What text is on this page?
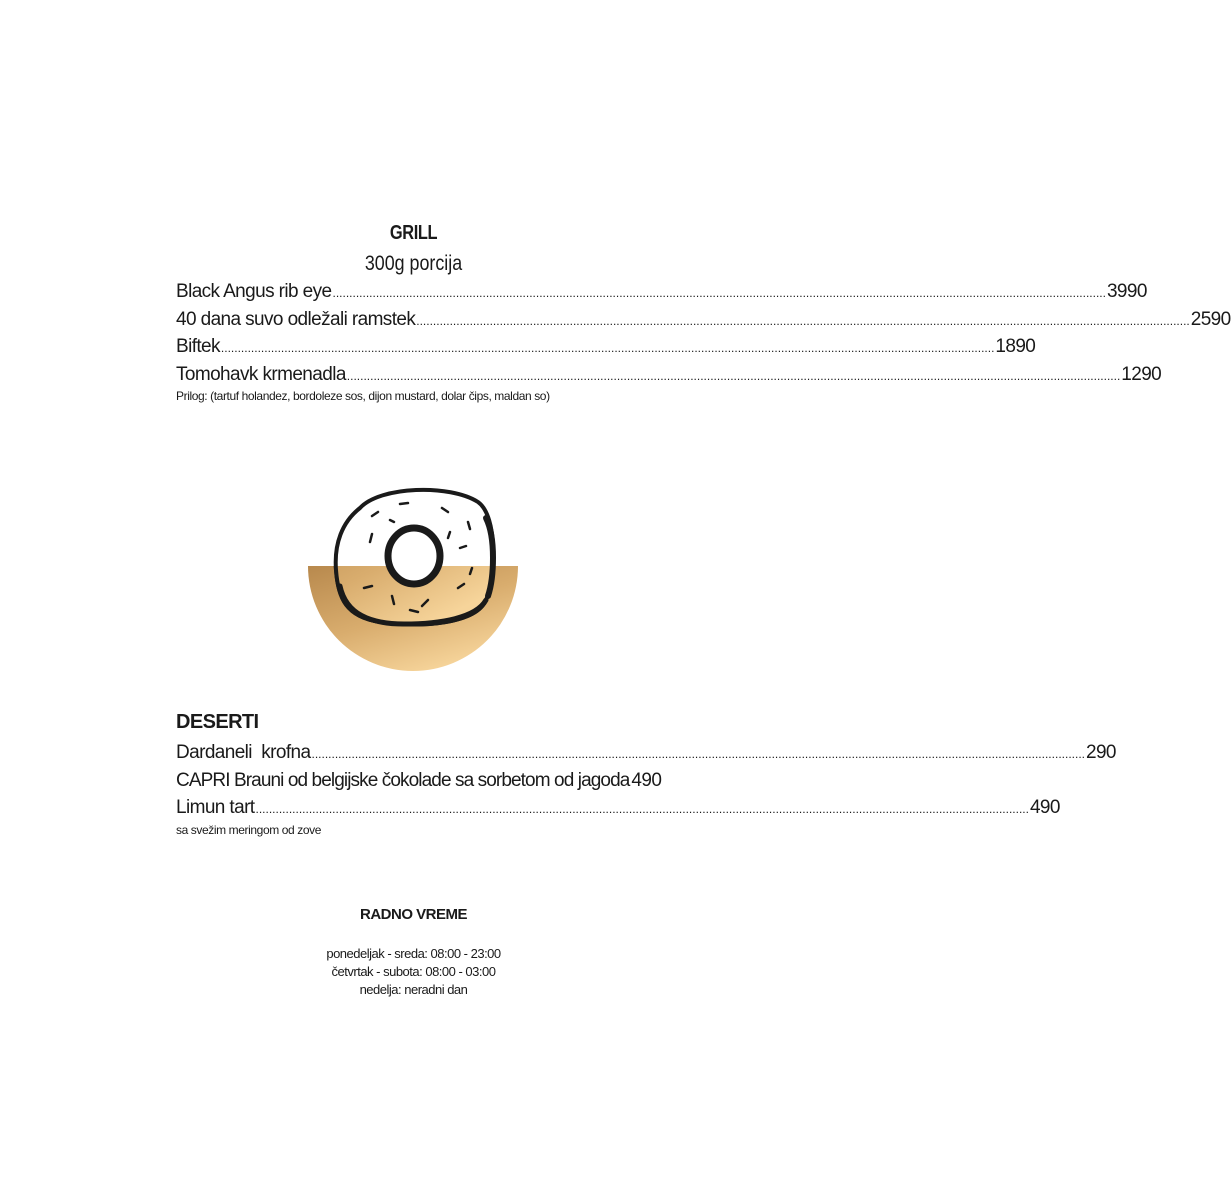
GRILL
300g porcija
Black Angus rib eye .....	3990
40 dana suvo odležali ramstek .....	2590
Biftek .....	1890
Tomohavk krmenadla .....	1290
Prilog: (tartuf holandez, bordoleze sos, dijon mustard, dolar čips, maldan so)
DESERTI
Dardaneli  krofna .....	290
CAPRI Brauni od belgijske čokolade sa sorbetom od jagoda 490
Limun tart .....	490
sa svežim meringom od zove
RADNO VREME
ponedeljak - sreda: 08:00 - 23:00
četvrtak - subota: 08:00 - 03:00
nedelja: neradni dan
